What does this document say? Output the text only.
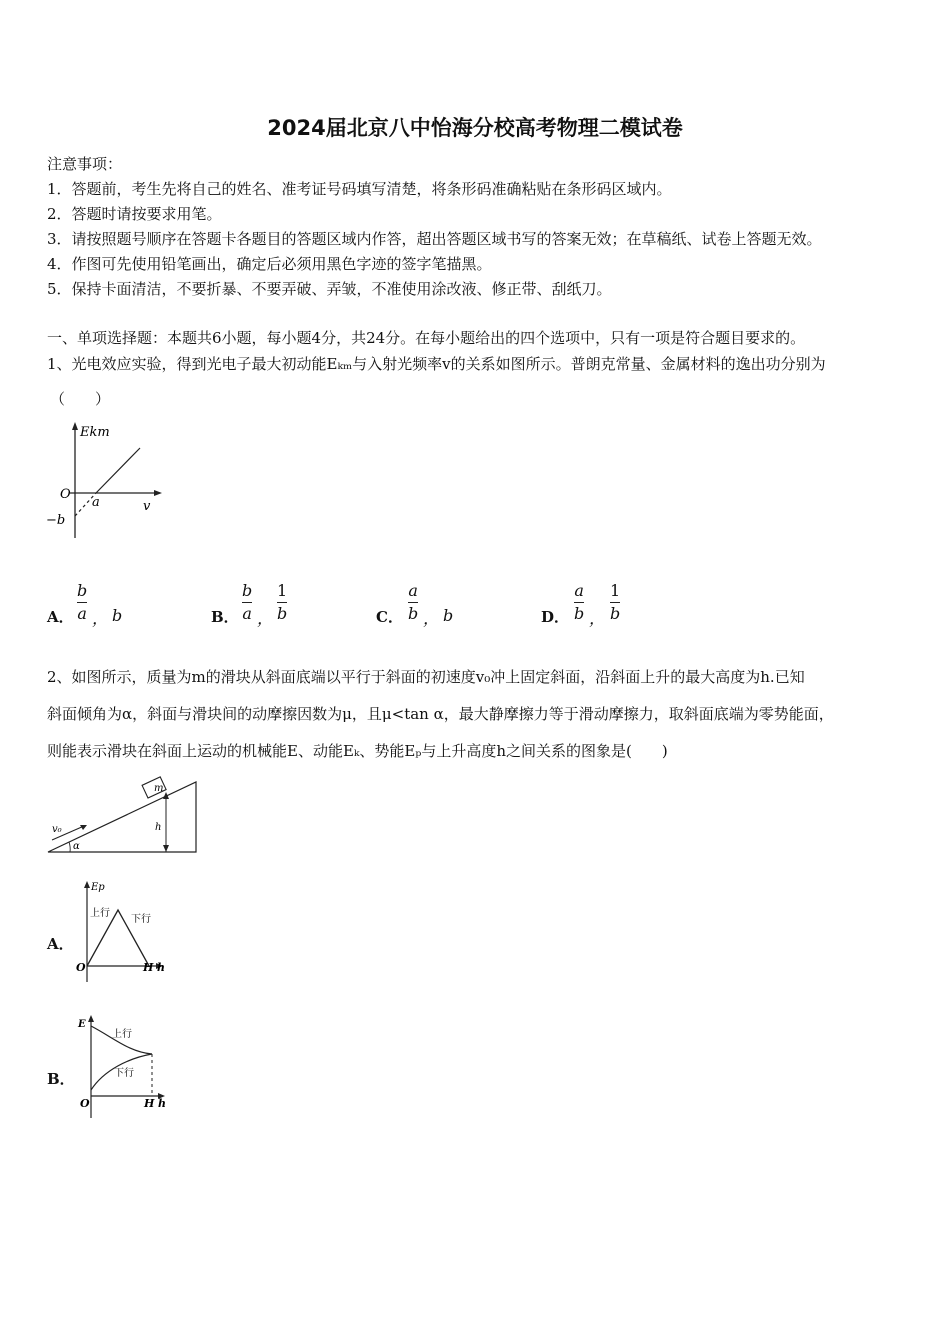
2024届北京八中怡海分校高考物理二模试卷
注意事项：
1．答题前，考生先将自己的姓名、准考证号码填写清楚，将条形码准确粘贴在条形码区域内。
2．答题时请按要求用笔。
3．请按照题号顺序在答题卡各题目的答题区域内作答，超出答题区域书写的答案无效；在草稿纸、试卷上答题无效。
4．作图可先使用铅笔画出，确定后必须用黑色字迹的签字笔描黑。
5．保持卡面清洁，不要折暴、不要弄破、弄皱，不准使用涂改液、修正带、刮纸刀。
一、单项选择题：本题共6小题，每小题4分，共24分。在每小题给出的四个选项中，只有一项是符合题目要求的。
1、光电效应实验，得到光电子最大初动能Eₖₘ与入射光频率v的关系如图所示。普朗克常量、金属材料的逸出功分别为
（　　）
Ekm
O
v
a
−b
A．
b
a ， b	B．
b
a ，
1
b	C．
a
b ， b	D．
a
b ，
1
b
2、如图所示，质量为m的滑块从斜面底端以平行于斜面的初速度v₀冲上固定斜面，沿斜面上升的最大高度为h.已知
斜面倾角为α，斜面与滑块间的动摩擦因数为μ，且μ<tan α，最大静摩擦力等于滑动摩擦力，取斜面底端为零势能面，
则能表示滑块在斜面上运动的机械能E、动能Eₖ、势能Eₚ与上升高度h之间关系的图象是(　　)
m
h
v₀
α
A．
Ep
上行
下行
O	H h
B．
E
上行
下行
O	H h
